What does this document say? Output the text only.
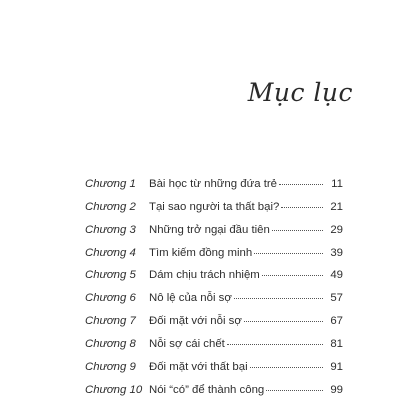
Mục lục
Chương 1	Bài học từ những đứa trẻ	11
Chương 2	Tại sao người ta thất bại?	21
Chương 3	Những trở ngại đầu tiên	29
Chương 4	Tìm kiếm đồng minh	39
Chương 5	Dám chịu trách nhiệm	49
Chương 6	Nô lệ của nỗi sợ	57
Chương 7	Đối mặt với nỗi sợ	67
Chương 8	Nỗi sợ cái chết	81
Chương 9	Đối mặt với thất bại	91
Chương 10 Nói “có” để thành công	99
